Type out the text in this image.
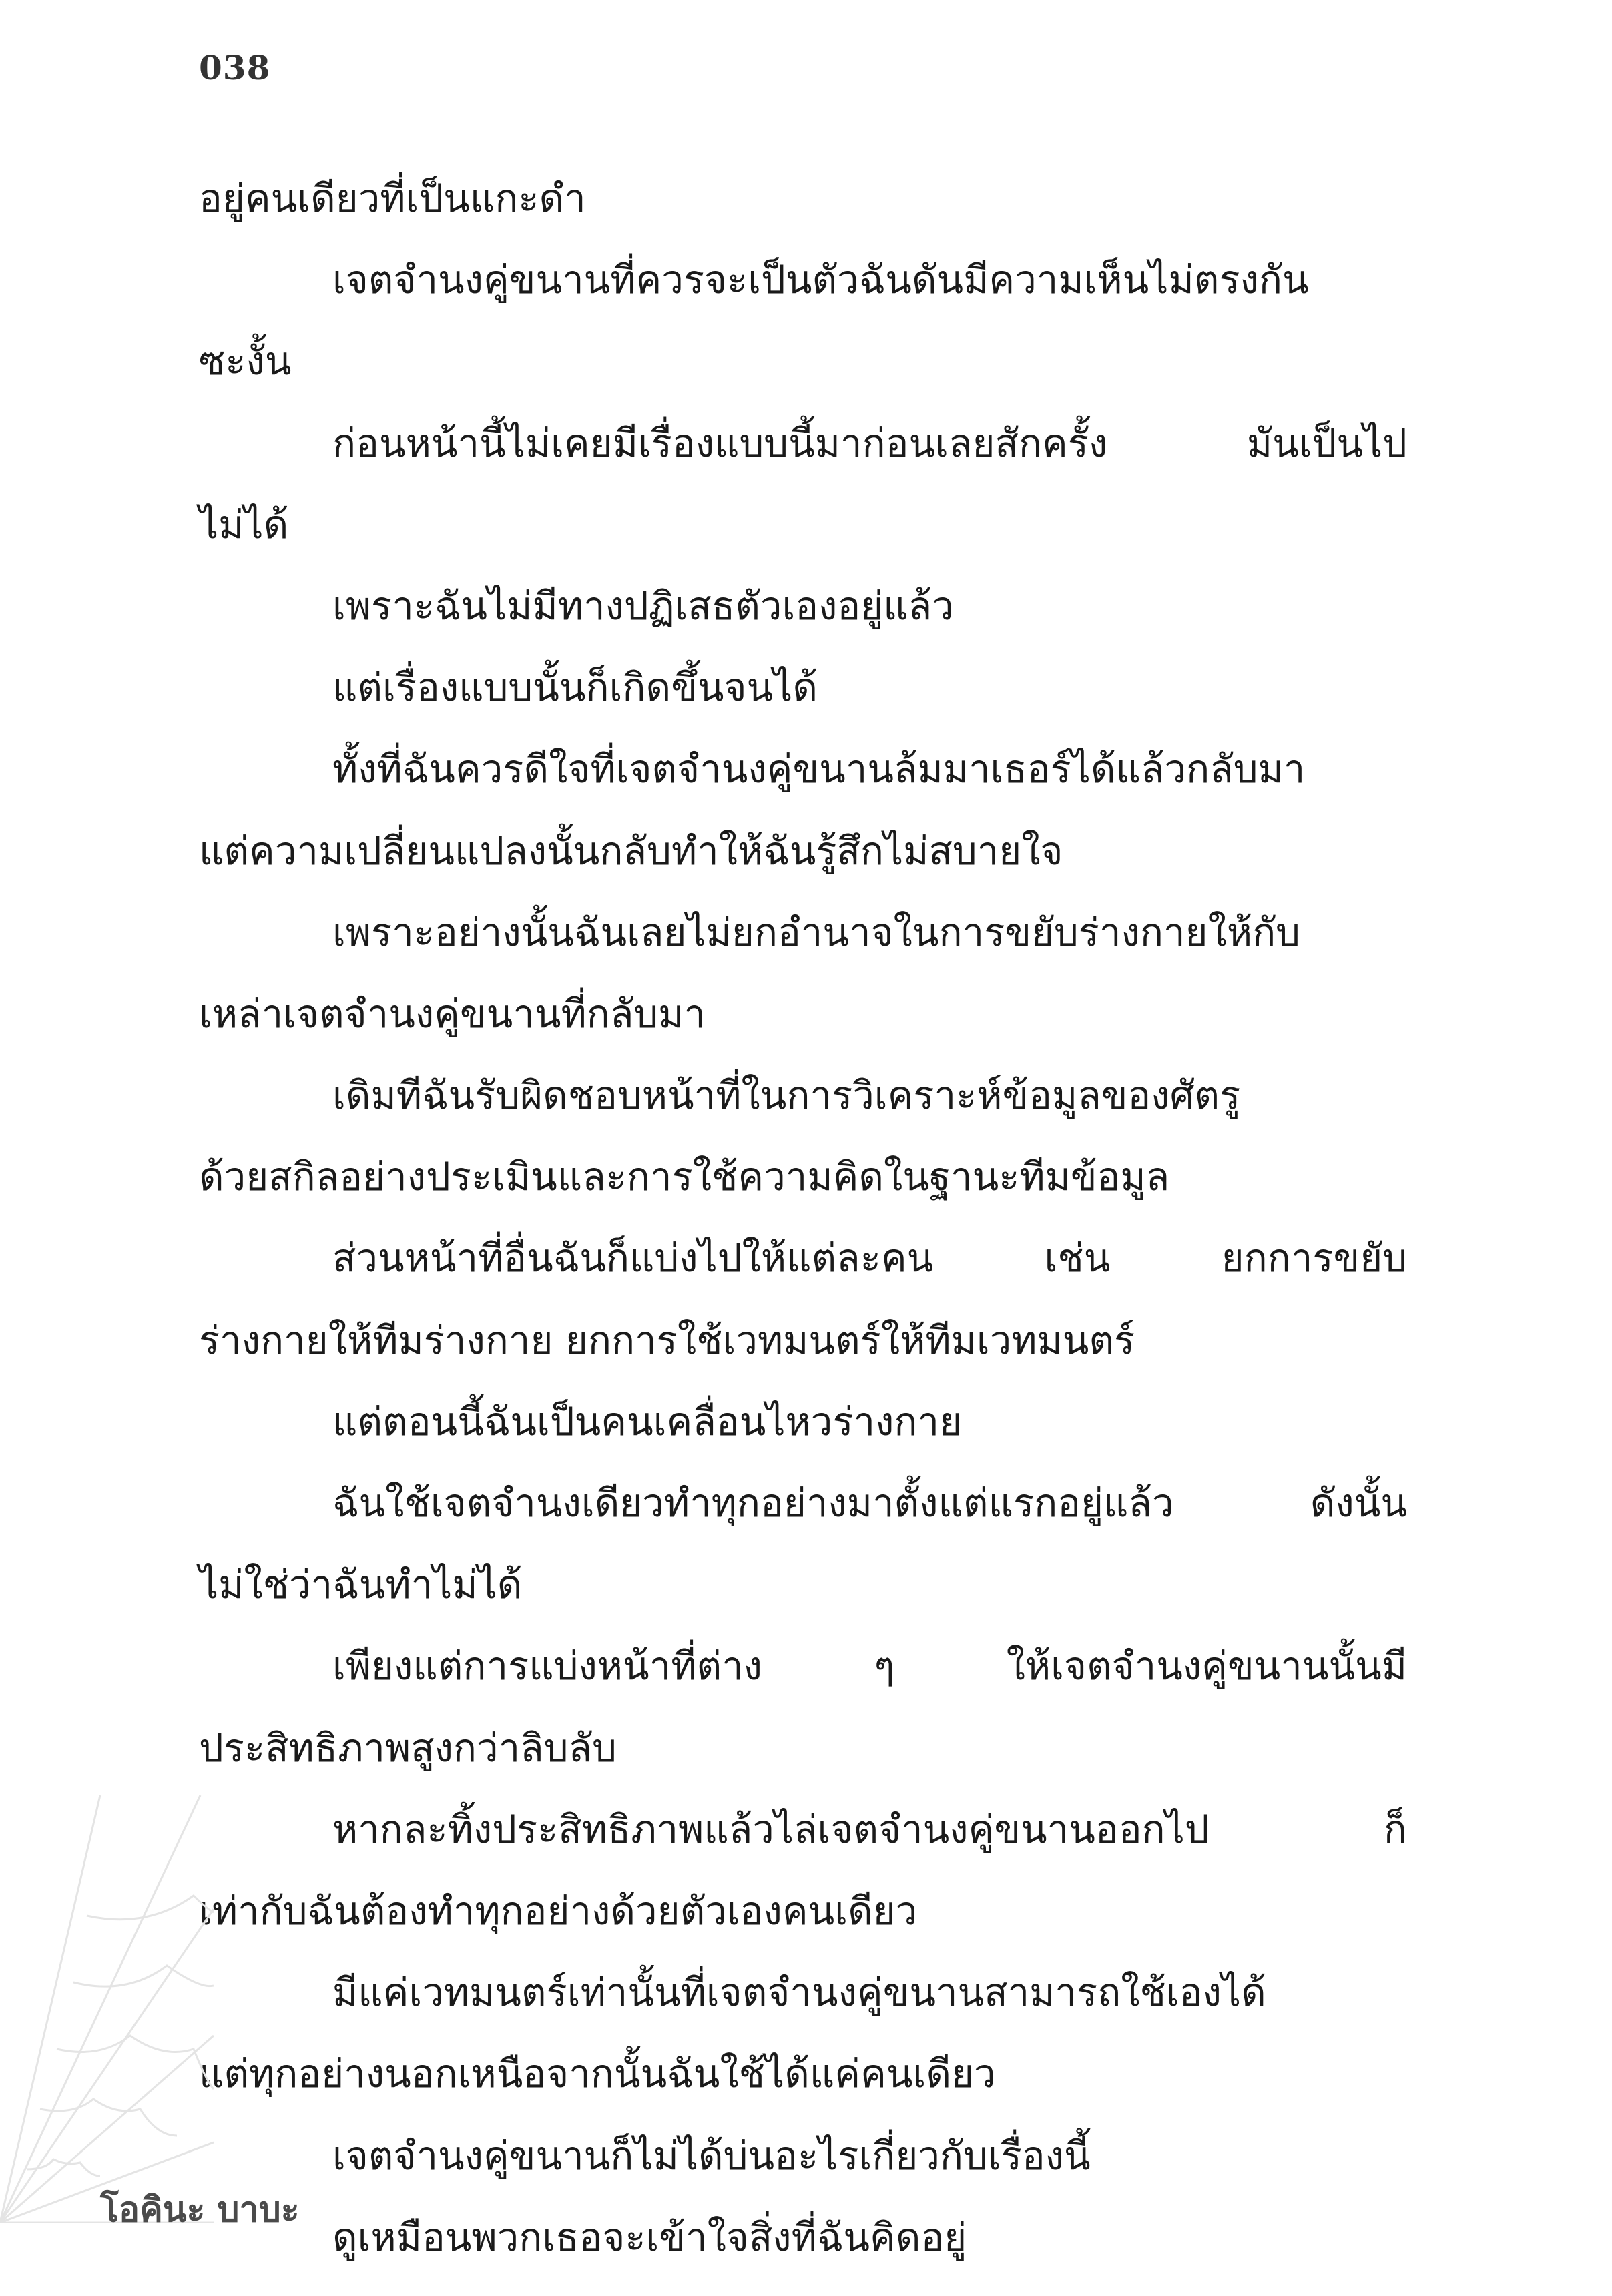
038
อยู่คนเดียวที่เป็นแกะดำ
เจตจำนงคู่ขนานที่ควรจะเป็นตัวฉันดันมีความเห็นไม่ตรงกัน
ซะงั้น
ก่อนหน้านี้ไม่เคยมีเรื่องแบบนี้มาก่อนเลยสักครั้ง มันเป็นไป
ไม่ได้
เพราะฉันไม่มีทางปฏิเสธตัวเองอยู่แล้ว
แต่เรื่องแบบนั้นก็เกิดขึ้นจนได้
ทั้งที่ฉันควรดีใจที่เจตจำนงคู่ขนานล้มมาเธอร์ได้แล้วกลับมา
แต่ความเปลี่ยนแปลงนั้นกลับทำให้ฉันรู้สึกไม่สบายใจ
เพราะอย่างนั้นฉันเลยไม่ยกอำนาจในการขยับร่างกายให้กับ
เหล่าเจตจำนงคู่ขนานที่กลับมา
เดิมทีฉันรับผิดชอบหน้าที่ในการวิเคราะห์ข้อมูลของศัตรู
ด้วยสกิลอย่างประเมินและการใช้ความคิดในฐานะทีมข้อมูล
ส่วนหน้าที่อื่นฉันก็แบ่งไปให้แต่ละคน เช่น ยกการขยับ
ร่างกายให้ทีมร่างกาย ยกการใช้เวทมนตร์ให้ทีมเวทมนตร์
แต่ตอนนี้ฉันเป็นคนเคลื่อนไหวร่างกาย
ฉันใช้เจตจำนงเดียวทำทุกอย่างมาตั้งแต่แรกอยู่แล้ว ดังนั้น
ไม่ใช่ว่าฉันทำไม่ได้
เพียงแต่การแบ่งหน้าที่ต่าง ๆ ให้เจตจำนงคู่ขนานนั้นมี
ประสิทธิภาพสูงกว่าลิบลับ
หากละทิ้งประสิทธิภาพแล้วไล่เจตจำนงคู่ขนานออกไป ก็
เท่ากับฉันต้องทำทุกอย่างด้วยตัวเองคนเดียว
มีแค่เวทมนตร์เท่านั้นที่เจตจำนงคู่ขนานสามารถใช้เองได้
แต่ทุกอย่างนอกเหนือจากนั้นฉันใช้ได้แค่คนเดียว
เจตจำนงคู่ขนานก็ไม่ได้บ่นอะไรเกี่ยวกับเรื่องนี้
ดูเหมือนพวกเธอจะเข้าใจสิ่งที่ฉันคิดอยู่
โอคินะ บาบะ
